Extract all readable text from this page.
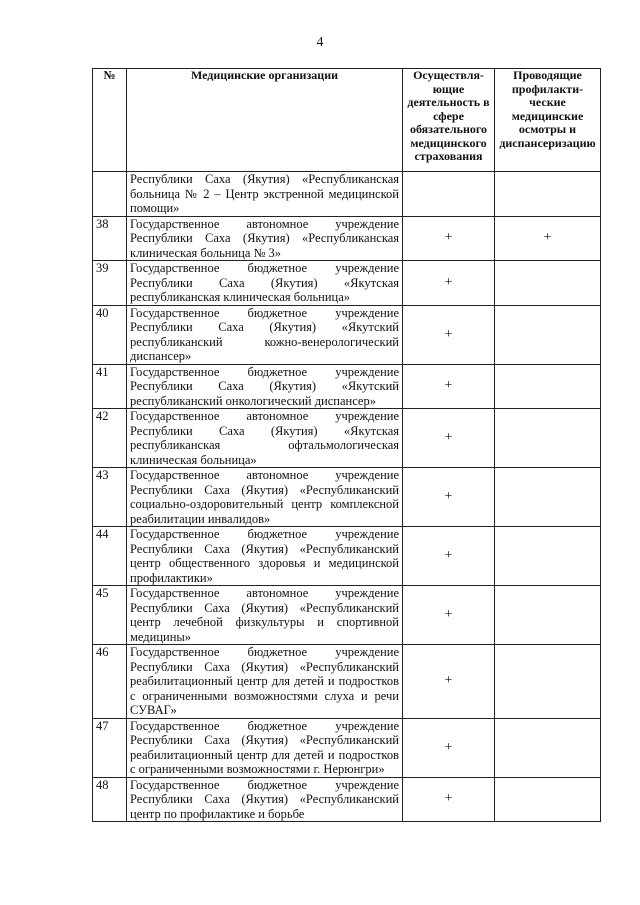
4
№	Медицинские организации	Осуществля-ющие деятельность в сфере обязательного медицинского страхования	Проводящие профилакти-ческие медицинские осмотры и диспансеризацию
	Республики Саха (Якутия) «Республиканская больница № 2 – Центр экстренной медицинской помощи»		
38	Государственное автономное учреждение Республики Саха (Якутия) «Республиканская клиническая больница № 3»	+	+
39	Государственное бюджетное учреждение Республики Саха (Якутия) «Якутская республиканская клиническая больница»	+	
40	Государственное бюджетное учреждение Республики Саха (Якутия) «Якутский республиканский кожно-венерологический диспансер»	+	
41	Государственное бюджетное учреждение Республики Саха (Якутия) «Якутский республиканский онкологический диспансер»	+	
42	Государственное автономное учреждение Республики Саха (Якутия) «Якутская республиканская офтальмологическая клиническая больница»	+	
43	Государственное автономное учреждение Республики Саха (Якутия) «Республиканский социально-оздоровительный центр комплексной реабилитации инвалидов»	+	
44	Государственное бюджетное учреждение Республики Саха (Якутия) «Республиканский центр общественного здоровья и медицинской профилактики»	+	
45	Государственное автономное учреждение Республики Саха (Якутия) «Республиканский центр лечебной физкультуры и спортивной медицины»	+	
46	Государственное бюджетное учреждение Республики Саха (Якутия) «Республиканский реабилитационный центр для детей и подростков с ограниченными возможностями слуха и речи СУВАГ»	+	
47	Государственное бюджетное учреждение Республики Саха (Якутия) «Республиканский реабилитационный центр для детей и подростков с ограниченными возможностями г. Нерюнгри»	+	
48	Государственное бюджетное учреждение Республики Саха (Якутия) «Республиканский центр по профилактике и борьбе	+	
